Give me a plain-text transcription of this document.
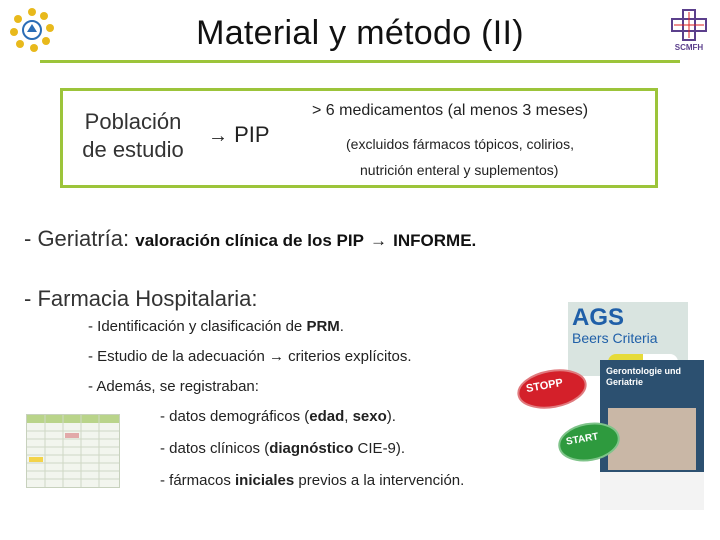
SCMFH
Material y método (II)
Población
de estudio
→ PIP
> 6 medicamentos (al menos 3 meses)
(excluidos fármacos tópicos, colirios,
nutrición enteral y suplementos)
- Geriatría: valoración clínica de los PIP → INFORME.
- Farmacia Hospitalaria:
- Identificación y clasificación de PRM.
- Estudio de la adecuación → criterios explícitos.
- Además, se registraban:
- datos demográficos (edad, sexo).
- datos clínicos (diagnóstico CIE-9).
- fármacos iniciales previos a la intervención.
AGS
Beers Criteria
Gerontologie und Geriatrie
STOPP
START
